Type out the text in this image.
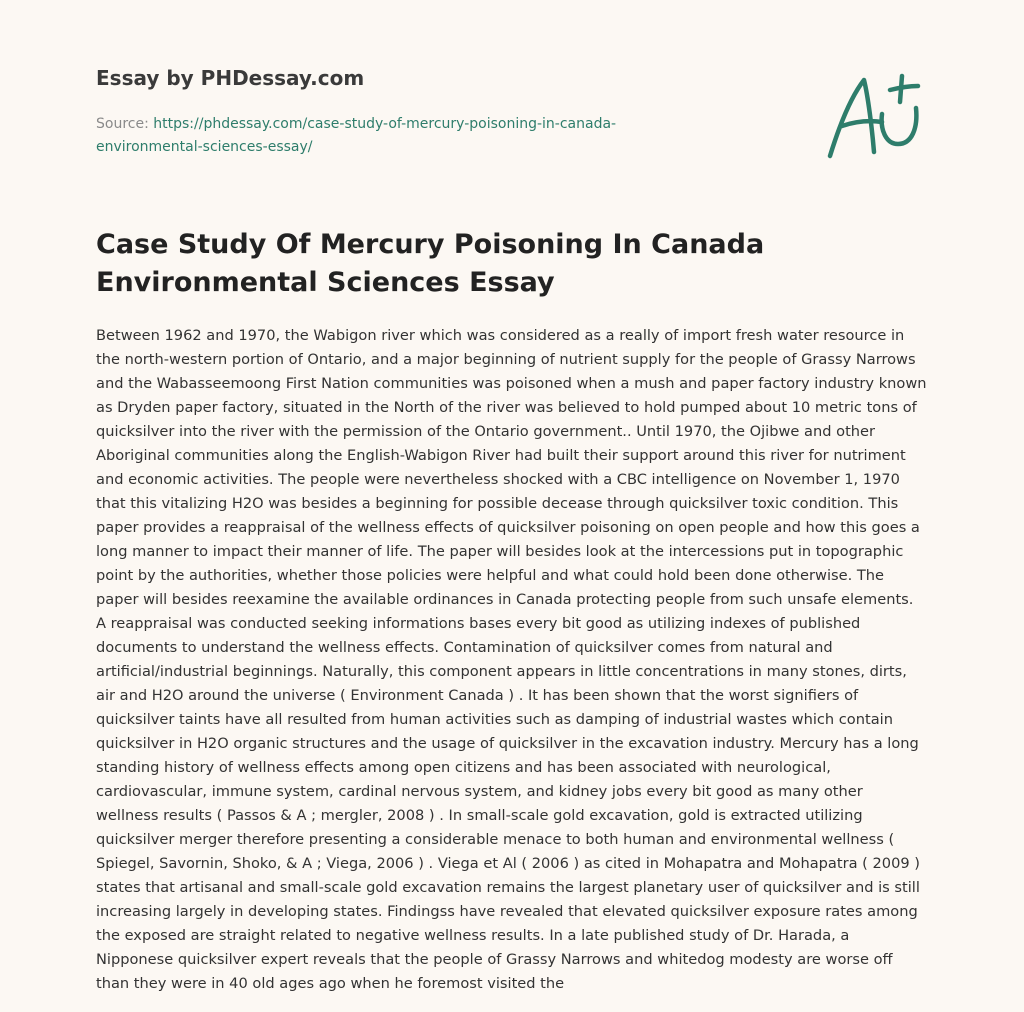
Essay by PHDessay.com
Source: https://phdessay.com/case-study-of-mercury-poisoning-in-canada-environmental-sciences-essay/
Case Study Of Mercury Poisoning In Canada Environmental Sciences Essay

Between 1962 and 1970, the Wabigon river which was considered as a really of import fresh water resource in the north-western portion of Ontario, and a major beginning of nutrient supply for the people of Grassy Narrows and the Wabasseemoong First Nation communities was poisoned when a mush and paper factory industry known as Dryden paper factory, situated in the North of the river was believed to hold pumped about 10 metric tons of quicksilver into the river with the permission of the Ontario government.. Until 1970, the Ojibwe and other Aboriginal communities along the English-Wabigon River had built their support around this river for nutriment and economic activities. The people were nevertheless shocked with a CBC intelligence on November 1, 1970 that this vitalizing H2O was besides a beginning for possible decease through quicksilver toxic condition. This paper provides a reappraisal of the wellness effects of quicksilver poisoning on open people and how this goes a long manner to impact their manner of life. The paper will besides look at the intercessions put in topographic point by the authorities, whether those policies were helpful and what could hold been done otherwise. The paper will besides reexamine the available ordinances in Canada protecting people from such unsafe elements. A reappraisal was conducted seeking informations bases every bit good as utilizing indexes of published documents to understand the wellness effects. Contamination of quicksilver comes from natural and artificial/industrial beginnings. Naturally, this component appears in little concentrations in many stones, dirts, air and H2O around the universe ( Environment Canada ) . It has been shown that the worst signifiers of quicksilver taints have all resulted from human activities such as damping of industrial wastes which contain quicksilver in H2O organic structures and the usage of quicksilver in the excavation industry. Mercury has a long standing history of wellness effects among open citizens and has been associated with neurological, cardiovascular, immune system, cardinal nervous system, and kidney jobs every bit good as many other wellness results ( Passos & A ; mergler, 2008 ) . In small-scale gold excavation, gold is extracted utilizing quicksilver merger therefore presenting a considerable menace to both human and environmental wellness ( Spiegel, Savornin, Shoko, & A ; Viega, 2006 ) . Viega et Al ( 2006 ) as cited in Mohapatra and Mohapatra ( 2009 ) states that artisanal and small-scale gold excavation remains the largest planetary user of quicksilver and is still increasing largely in developing states. Findingss have revealed that elevated quicksilver exposure rates among the exposed are straight related to negative wellness results. In a late published study of Dr. Harada, a Nipponese quicksilver expert reveals that the people of Grassy Narrows and whitedog modesty are worse off than they were in 40 old ages ago when he foremost visited the
